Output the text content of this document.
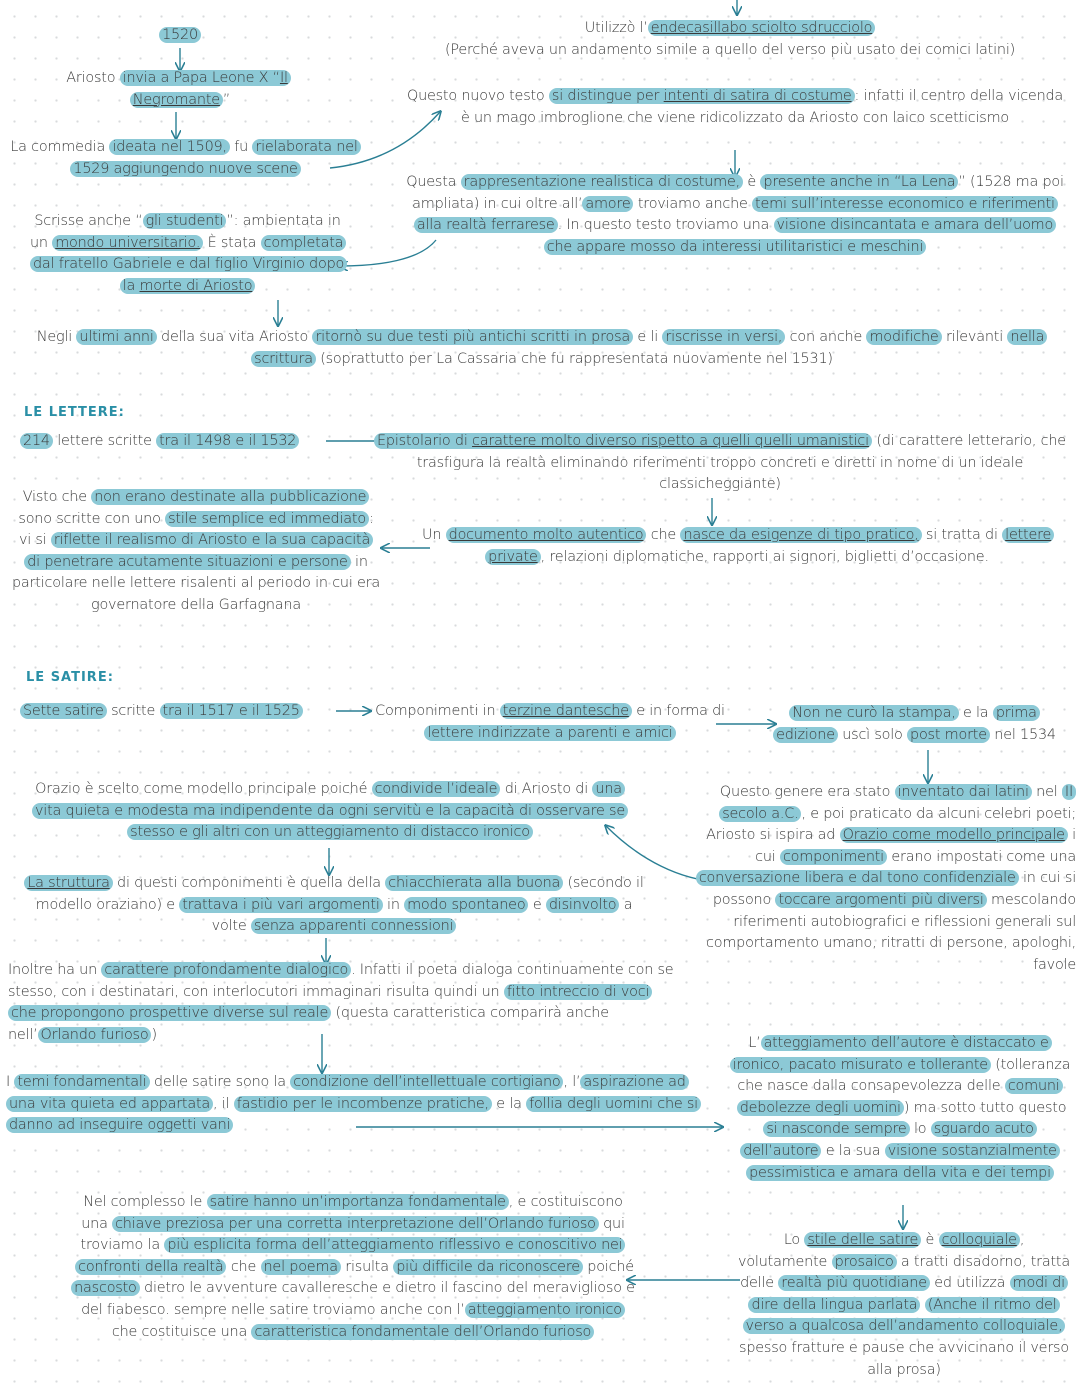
1520
Ariosto invia a Papa Leone X “Il Negromante ”
La commedia ideata nel 1509, fu rielaborata nel 1529 aggiungendo nuove scene
Scrisse anche “ gli studenti ”: ambientata in un mondo universitario. È stata completata dal fratello Gabriele e dal figlio Virginio dopo la morte di Ariosto
Utilizzò l’ endecasillabo sciolto sdrucciolo
(Perché aveva un andamento simile a quello del verso più usato dei comici latini)
Questo nuovo testo si distingue per intenti di satira di costume : infatti il centro della vicenda è un mago imbroglione che viene ridicolizzato da Ariosto con laico scetticismo
Questa rappresentazione realistica di costume, è presente anche in “La Lena ” (1528 ma poi ampliata) in cui oltre all’ amore troviamo anche temi sull’interesse economico e riferimenti alla realtà ferrarese . In questo testo troviamo una visione disincantata e amara dell’uomo che appare mosso da interessi utilitaristici e meschini
Negli ultimi anni della sua vita Ariosto ritornò su due testi più antichi scritti in prosa e li riscrisse in versi, con anche modifiche rilevanti nella scrittura (soprattutto per La Cassaria che fu rappresentata nuovamente nel 1531)
LE LETTERE:
214 lettere scritte tra il 1498 e il 1532	Epistolario di carattere molto diverso rispetto a quelli quelli umanistici (di carattere letterario, che trasfigura la realtà eliminando riferimenti troppo concreti e diretti in nome di un ideale classicheggiante)
Visto che non erano destinate alla pubblicazione sono scritte con uno stile semplice ed immediato : vi si riflette il realismo di Ariosto e la sua capacità di penetrare acutamente situazioni e persone in particolare nelle lettere risalenti al periodo in cui era governatore della Garfagnana
Un documento molto autentico che nasce da esigenze di tipo pratico, si tratta di lettere private , relazioni diplomatiche, rapporti ai signori, biglietti d’occasione.
LE SATIRE:
Sette satire scritte tra il 1517 e il 1525	Componimenti in terzine dantesche e in forma di lettere indirizzate a parenti e amici
Non ne curò la stampa, e la prima edizione uscì solo post morte nel 1534
Orazio è scelto come modello principale poiché condivide l’ideale di Ariosto di una vita quieta e modesta ma indipendente da ogni servitù e la capacità di osservare se stesso e gli altri con un atteggiamento di distacco ironico
Questo genere era stato inventato dai latini nel II secolo a.C. , e poi praticato da alcuni celebri poeti; Ariosto si ispira ad Orazio come modello principale i cui componimenti erano impostati come una conversazione libera e dal tono confidenziale in cui si possono toccare argomenti più diversi mescolando riferimenti autobiografici e riflessioni generali sul comportamento umano, ritratti di persone, apologhi, favole
La struttura di questi componimenti è quella della chiacchierata alla buona (secondo il modello oraziano) e trattava i più vari argomenti in modo spontaneo e disinvolto a volte senza apparenti connessioni
Inoltre ha un carattere profondamente dialogico . Infatti il poeta dialoga continuamente con se stesso, con i destinatari, con interlocutori immaginari risulta quindi un fitto intreccio di voci che propongono prospettive diverse sul reale (questa caratteristica comparirà anche nell’ Orlando furioso )
L’ atteggiamento dell’autore è distaccato e ironico, pacato misurato e tollerante (tolleranza che nasce dalla consapevolezza delle comuni debolezze degli uomini ) ma sotto tutto questo si nasconde sempre lo sguardo acuto dell’autore e la sua visione sostanzialmente pessimistica e amara della vita e dei tempi
I temi fondamentali delle satire sono la condizione dell’intellettuale cortigiano , l’ aspirazione ad una vita quieta ed appartata , il fastidio per le incombenze pratiche, e la follia degli uomini che si danno ad inseguire oggetti vani
Nel complesso le satire hanno un’importanza fondamentale , e costituiscono una chiave preziosa per una corretta interpretazione dell’Orlando furioso qui troviamo la più esplicita forma dell’atteggiamento riflessivo e conoscitivo nei confronti della realtà che nel poema risulta più difficile da riconoscere poiché nascosto dietro le avventure cavalleresche e dietro il fascino del meraviglioso e del fiabesco. sempre nelle satire troviamo anche con l’ atteggiamento ironico che costituisce una caratteristica fondamentale dell’Orlando furioso
Lo stile delle satire è colloquiale , volutamente prosaico a tratti disadorno, tratta delle realtà più quotidiane ed utilizza modi di dire della lingua parlata (Anche il ritmo del verso a qualcosa dell’andamento colloquiale, spesso fratture e pause che avvicinano il verso alla prosa)
